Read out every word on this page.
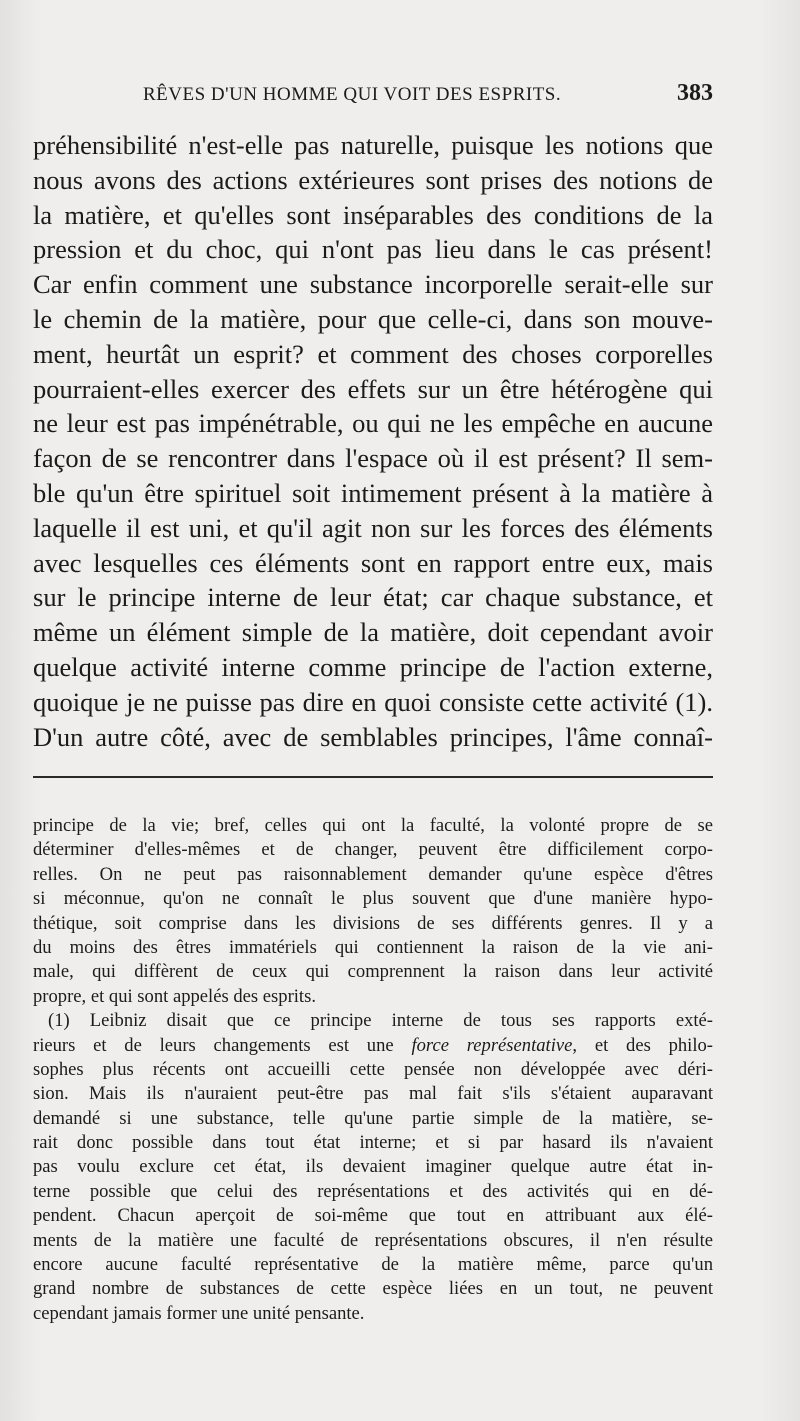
RÊVES D'UN HOMME QUI VOIT DES ESPRITS.	383
préhensibilité n'est-elle pas naturelle, puisque les notions que
nous avons des actions extérieures sont prises des notions de
la matière, et qu'elles sont inséparables des conditions de la
pression et du choc, qui n'ont pas lieu dans le cas présent!
Car enfin comment une substance incorporelle serait-elle sur
le chemin de la matière, pour que celle-ci, dans son mouve-
ment, heurtât un esprit? et comment des choses corporelles
pourraient-elles exercer des effets sur un être hétérogène qui
ne leur est pas impénétrable, ou qui ne les empêche en aucune
façon de se rencontrer dans l'espace où il est présent? Il sem-
ble qu'un être spirituel soit intimement présent à la matière à
laquelle il est uni, et qu'il agit non sur les forces des éléments
avec lesquelles ces éléments sont en rapport entre eux, mais
sur le principe interne de leur état; car chaque substance, et
même un élément simple de la matière, doit cependant avoir
quelque activité interne comme principe de l'action externe,
quoique je ne puisse pas dire en quoi consiste cette activité (1).
D'un autre côté, avec de semblables principes, l'âme connaî-
principe de la vie; bref, celles qui ont la faculté, la volonté propre de se
déterminer d'elles-mêmes et de changer, peuvent être difficilement corpo-
relles. On ne peut pas raisonnablement demander qu'une espèce d'êtres
si méconnue, qu'on ne connaît le plus souvent que d'une manière hypo-
thétique, soit comprise dans les divisions de ses différents genres. Il y a
du moins des êtres immatériels qui contiennent la raison de la vie ani-
male, qui diffèrent de ceux qui comprennent la raison dans leur activité
propre, et qui sont appelés des esprits.
(1) Leibniz disait que ce principe interne de tous ses rapports exté-
rieurs et de leurs changements est une force représentative, et des philo-
sophes plus récents ont accueilli cette pensée non développée avec déri-
sion. Mais ils n'auraient peut-être pas mal fait s'ils s'étaient auparavant
demandé si une substance, telle qu'une partie simple de la matière, se-
rait donc possible dans tout état interne; et si par hasard ils n'avaient
pas voulu exclure cet état, ils devaient imaginer quelque autre état in-
terne possible que celui des représentations et des activités qui en dé-
pendent. Chacun aperçoit de soi-même que tout en attribuant aux élé-
ments de la matière une faculté de représentations obscures, il n'en résulte
encore aucune faculté représentative de la matière même, parce qu'un
grand nombre de substances de cette espèce liées en un tout, ne peuvent
cependant jamais former une unité pensante.
